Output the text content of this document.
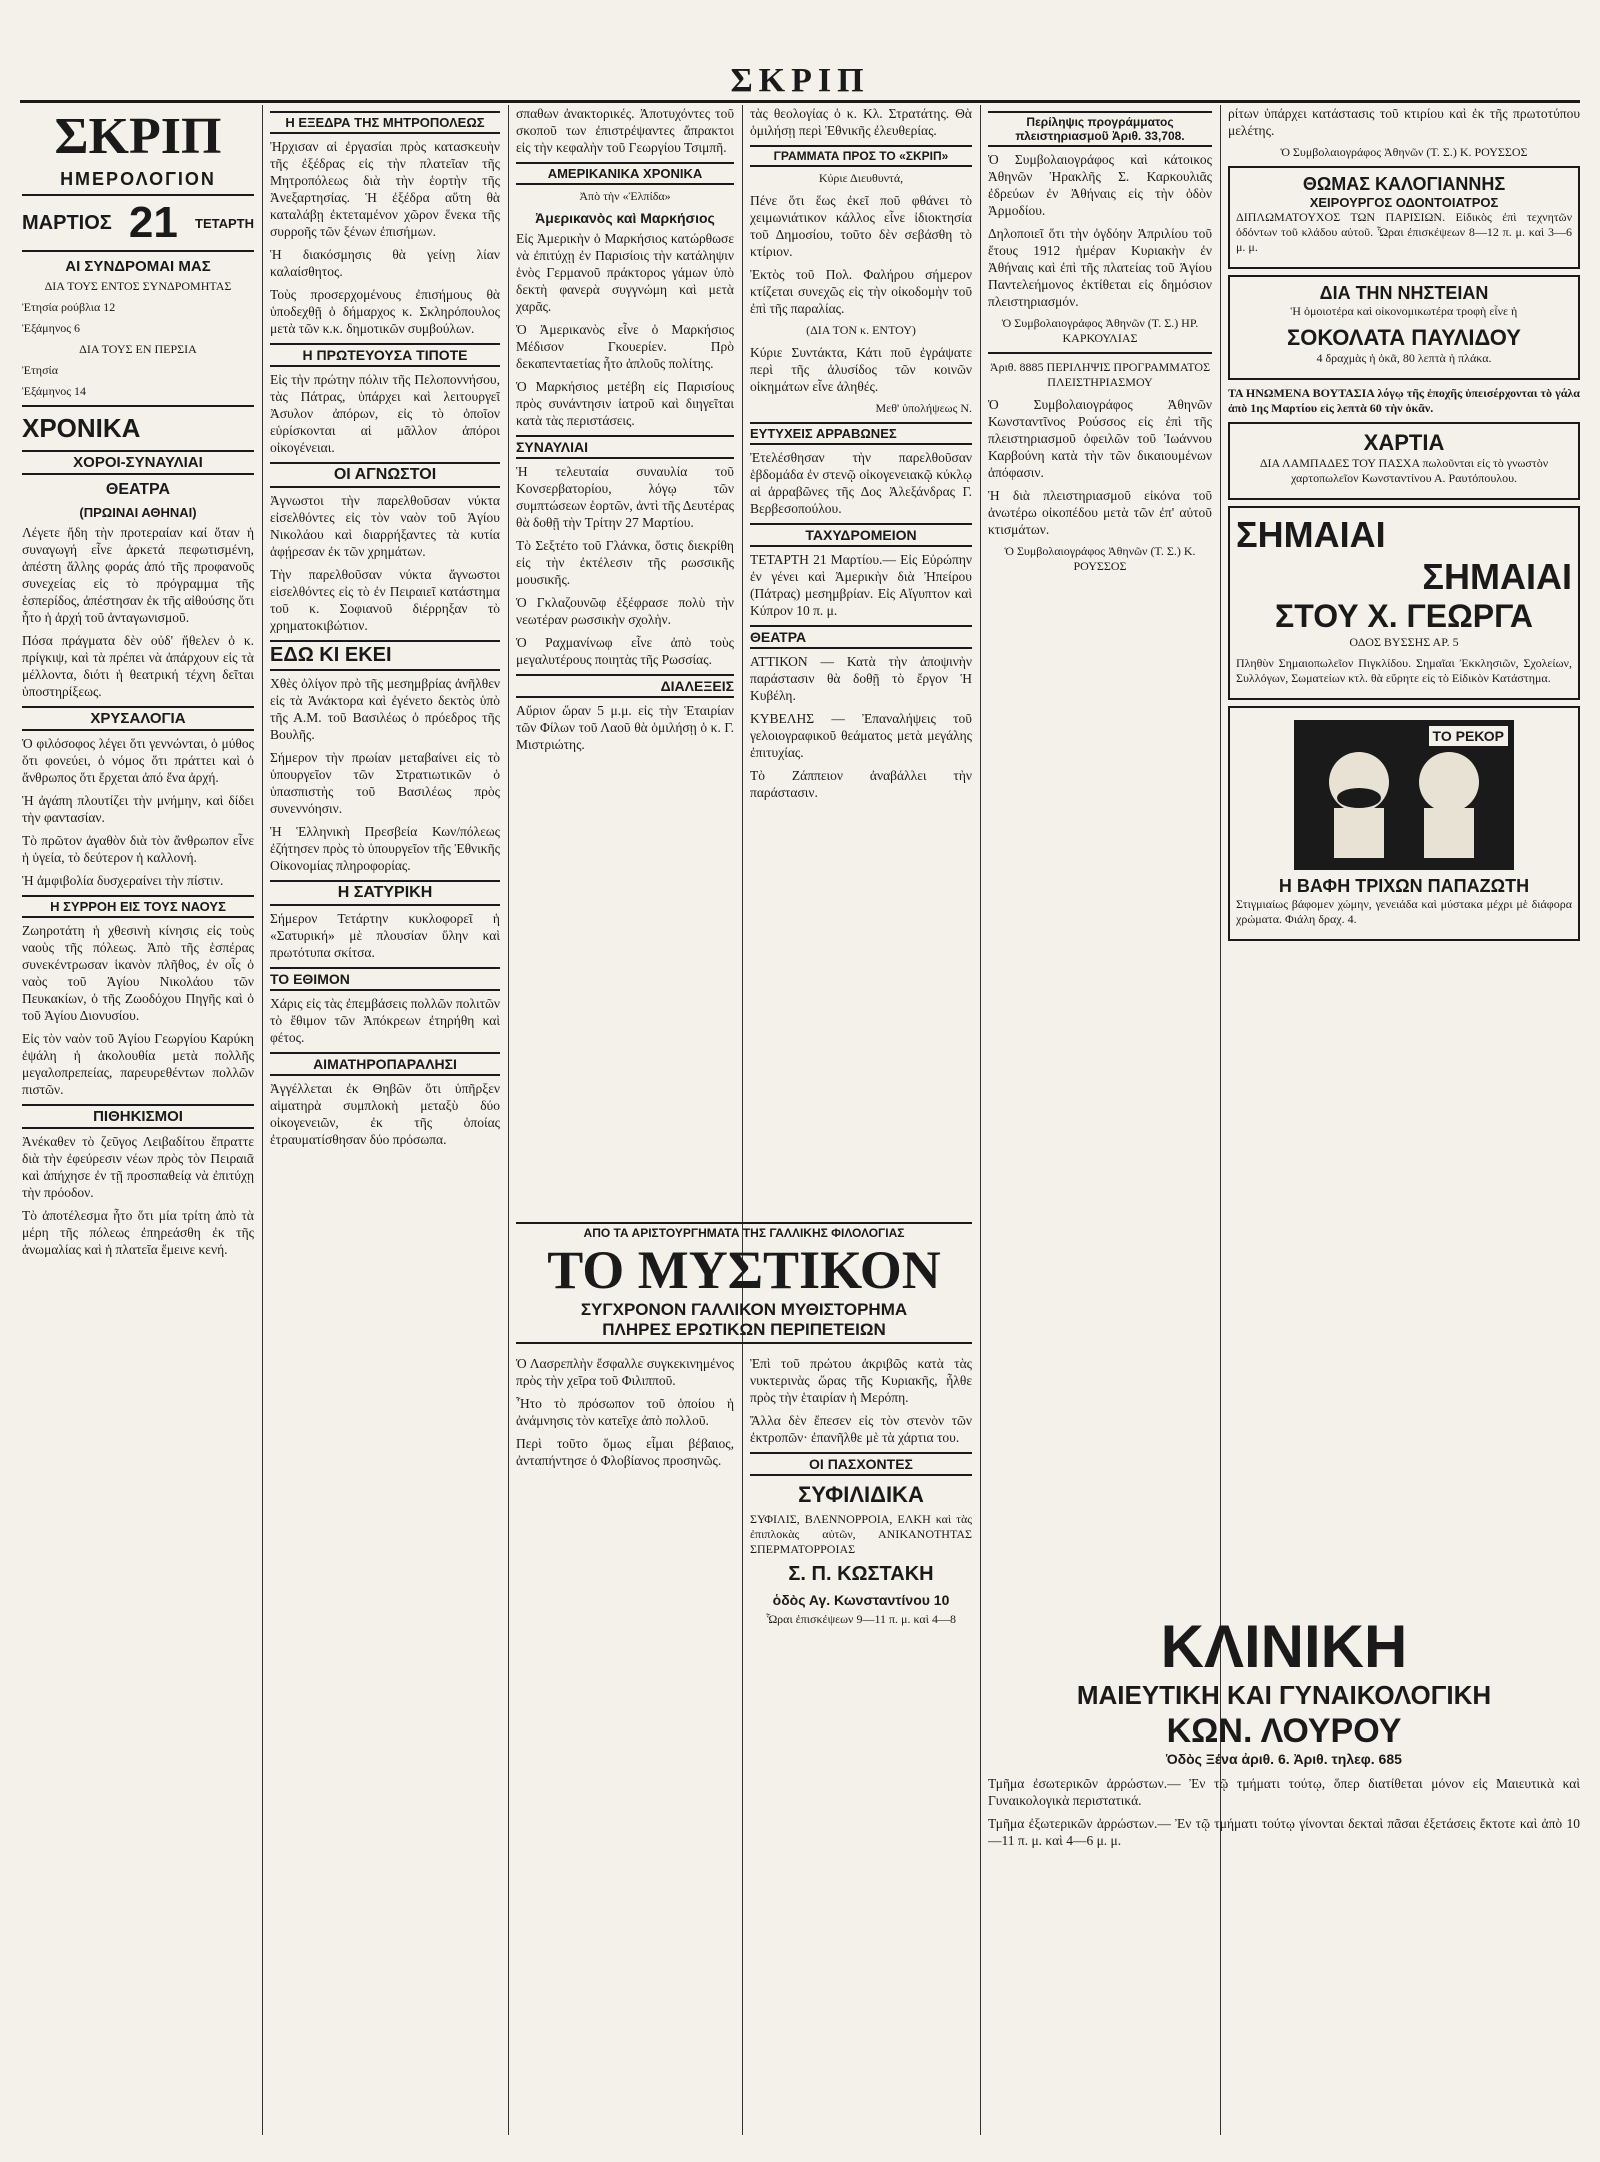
ΣΚΡΙΠ
ΣΚΡΙΠ
ΗΜΕΡΟΛΟΓΙΟΝ
ΜΑΡΤΙΟΣ 21 ΤΕΤΑΡΤΗ
ΑΙ ΣΥΝΔΡΟΜΑΙ ΜΑΣ
ΔΙΑ ΤΟΥΣ ΕΝΤΟΣ ΣΥΝΔΡΟΜΗΤΑΣ
Ἐτησία ρούβλια 12
Ἑξάμηνος 6
ΔΙΑ ΤΟΥΣ ΕΝ ΠΕΡΣΙΑ
Ἐτησία
Ἑξάμηνος 14
ΧΡΟΝΙΚΑ
ΧΟΡΟΙ-ΣΥΝΑΥΛΙΑΙ
ΘΕΑΤΡΑ
(ΠΡΩΙΝΑΙ ΑΘΗΝΑΙ)

Λέγετε ἤδη τὴν προτεραίαν καί ὅταν ἡ συναγωγή εἶνε ἀρκετά πεφωτισμένη, ἀπέστη ἄλλης φοράς ἀπό τῆς προφανοῦς συνεχείας εἰς τὸ πρόγραμμα τῆς ἑσπερίδος, ἀπέστησαν ἐκ τῆς αἰθούσης ὅτι ἦτο ἡ ἀρχή τοῦ ἀνταγωνισμοῦ.

Πόσα πράγματα δὲν οὐδ' ἤθελεν ὁ κ. πρίγκιψ, καὶ τὰ πρέπει νὰ ἀπάρχουν εἰς τὰ μέλλοντα, διότι ἡ θεατρική τέχνη δεῖται ὑποστηρίξεως.

ΧΡΥΣΑΛΟΓΙΑ

Ὁ φιλόσοφος λέγει ὅτι γεννώνται, ὁ μύθος ὅτι φονεύει, ὁ νόμος ὅτι πράττει καὶ ὁ ἄνθρωπος ὅτι ἔρχεται ἀπό ἕνα ἀρχή.

Ἡ ἀγάπη πλουτίζει τὴν μνήμην, καὶ δίδει τὴν φαντασίαν.

Τὸ πρῶτον ἀγαθὸν διὰ τὸν ἄνθρωπον εἶνε ἡ ὑγεία, τὸ δεύτερον ἡ καλλονή.

Ἡ ἀμφιβολία δυσχεραίνει τὴν πίστιν.

Η ΣΥΡΡΟΗ ΕΙΣ ΤΟΥΣ ΝΑΟΥΣ

Ζωηροτάτη ἡ χθεσινὴ κίνησις εἰς τοὺς ναοὺς τῆς πόλεως. Ἀπὸ τῆς ἑσπέρας συνεκέντρωσαν ἱκανὸν πλῆθος, ἐν οἷς ὁ ναὸς τοῦ Ἁγίου Νικολάου τῶν Πευκακίων, ὁ τῆς Ζωοδόχου Πηγῆς καὶ ὁ τοῦ Ἁγίου Διονυσίου.

Εἰς τὸν ναὸν τοῦ Ἁγίου Γεωργίου Καρύκη ἐψάλη ἡ ἀκολουθία μετὰ πολλῆς μεγαλοπρεπείας, παρευρεθέντων πολλῶν πιστῶν.

ΠΙΘΗΚΙΣΜΟΙ

Ἀνέκαθεν τὸ ζεῦγος Λειβαδίτου ἔπραττε διὰ τὴν ἐφεύρεσιν νέων πρὸς τὸν Πειραιᾶ καὶ ἀπήχησε ἐν τῇ προσπαθείᾳ νὰ ἐπιτύχῃ τὴν πρόοδον.

Τὸ ἀποτέλεσμα ἦτο ὅτι μία τρίτη ἀπὸ τὰ μέρη τῆς πόλεως ἐπηρεάσθη ἐκ τῆς ἀνωμαλίας καὶ ἡ πλατεῖα ἔμεινε κενή.

Η ΕΞΕΔΡΑ ΤΗΣ ΜΗΤΡΟΠΟΛΕΩΣ

Ἠρχισαν αἱ ἐργασίαι πρὸς κατασκευὴν τῆς ἐξέδρας εἰς τὴν πλατεῖαν τῆς Μητροπόλεως διὰ τὴν ἑορτὴν τῆς Ἀνεξαρτησίας. Ἡ ἐξέδρα αὕτη θὰ καταλάβῃ ἐκτεταμένον χῶρον ἕνεκα τῆς συρροῆς τῶν ξένων ἐπισήμων.

Ἡ διακόσμησις θὰ γείνῃ λίαν καλαίσθητος.

Τοὺς προσερχομένους ἐπισήμους θὰ ὑποδεχθῇ ὁ δήμαρχος κ. Σκληρόπουλος μετὰ τῶν κ.κ. δημοτικῶν συμβούλων.

Η ΠΡΩΤΕΥΟΥΣΑ ΤΙΠΟΤΕ

Εἰς τὴν πρώτην πόλιν τῆς Πελοποννήσου, τὰς Πάτρας, ὑπάρχει καὶ λειτουργεῖ Ἀσυλον ἀπόρων, εἰς τὸ ὁποῖον εὑρίσκονται αἱ μᾶλλον ἀπόροι οἰκογένειαι.

ΟΙ ΑΓΝΩΣΤΟΙ

Ἀγνωστοι τὴν παρελθοῦσαν νύκτα εἰσελθόντες εἰς τὸν ναὸν τοῦ Ἁγίου Νικολάου καὶ διαρρήξαντες τὰ κυτία ἀφῄρεσαν ἐκ τῶν χρημάτων.

Τὴν παρελθοῦσαν νύκτα ἄγνωστοι εἰσελθόντες εἰς τὸ ἐν Πειραιεῖ κατάστημα τοῦ κ. Σοφιανοῦ διέρρηξαν τὸ χρηματοκιβώτιον.

ΕΔΩ ΚΙ ΕΚΕΙ

Χθὲς ὀλίγον πρὸ τῆς μεσημβρίας ἀνῆλθεν εἰς τὰ Ἀνάκτορα καὶ ἐγένετο δεκτὸς ὑπὸ τῆς Α.Μ. τοῦ Βασιλέως ὁ πρόεδρος τῆς Βουλῆς.

Σήμερον τὴν πρωίαν μεταβαίνει εἰς τὸ ὑπουργεῖον τῶν Στρατιωτικῶν ὁ ὑπασπιστὴς τοῦ Βασιλέως πρὸς συνεννόησιν.

Ἡ Ἑλληνικὴ Πρεσβεία Κων/πόλεως ἐζήτησεν πρὸς τὸ ὑπουργεῖον τῆς Ἐθνικῆς Οἰκονομίας πληροφορίας.

Η ΣΑΤΥΡΙΚΗ

Σήμερον Τετάρτην κυκλοφορεῖ ἡ «Σατυρική» μὲ πλουσίαν ὕλην καὶ πρωτότυπα σκίτσα.

ΤΟ ΕΘΙΜΟΝ

Χάρις εἰς τὰς ἐπεμβάσεις πολλῶν πολιτῶν τὸ ἔθιμον τῶν Ἀπόκρεων ἐτηρήθη καὶ φέτος.

ΑΙΜΑΤΗΡΟΠΑΡΑΛΗΣΙ

Ἀγγέλλεται ἐκ Θηβῶν ὅτι ὑπῆρξεν αἱματηρὰ συμπλοκὴ μεταξὺ δύο οἰκογενειῶν, ἐκ τῆς ὁποίας ἐτραυματίσθησαν δύο πρόσωπα.

σπαθων ἀνακτορικές. Ἀποτυχόντες τοῦ σκοποῦ των ἐπιστρέψαντες ἄπρακτοι εἰς τὴν κεφαλὴν τοῦ Γεωργίου Τσιμπῆ.

ΑΜΕΡΙΚΑΝΙΚΑ ΧΡΟΝΙΚΑ
Ἀπὸ τὴν «Ἐλπίδα»
Ἀμερικανὸς καὶ Μαρκήσιος

Εἰς Ἀμερικὴν ὁ Μαρκήσιος κατώρθωσε νὰ ἐπιτύχῃ ἐν Παρισίοις τὴν κατάληψιν ἑνὸς Γερμανοῦ πράκτορος γάμων ὑπὸ δεκτὴ φανερὰ συγγνώμη καὶ μετὰ χαρᾶς.

Ὁ Ἀμερικανὸς εἶνε ὁ Μαρκήσιος Μέδισον Γκουερίεν. Πρὸ δεκαπενταετίας ἦτο ἁπλοῦς πολίτης.

Ὁ Μαρκήσιος μετέβη εἰς Παρισίους πρὸς συνάντησιν ἰατροῦ καὶ διηγεῖται κατὰ τὰς περιστάσεις.

ΣΥΝΑΥΛΙΑΙ

Ἡ τελευταία συναυλία τοῦ Κονσερβατορίου, λόγῳ τῶν συμπτώσεων ἑορτῶν, ἀντὶ τῆς Δευτέρας θὰ δοθῇ τὴν Τρίτην 27 Μαρτίου.

Τὸ Σεξτέτο τοῦ Γλάνκα, ὅστις διεκρίθη εἰς τὴν ἐκτέλεσιν τῆς ρωσσικῆς μουσικῆς.

Ὁ Γκλαζουνῶφ ἐξέφρασε πολὺ τὴν νεωτέραν ρωσσικὴν σχολὴν.

Ὁ Ραχμανίνωφ εἶνε ἀπὸ τοὺς μεγαλυτέρους ποιητὰς τῆς Ρωσσίας.

ΔΙΑΛΕΞΕΙΣ

Αὔριον ὥραν 5 μ.μ. εἰς τὴν Ἑταιρίαν τῶν Φίλων τοῦ Λαοῦ θὰ ὁμιλήσῃ ὁ κ. Γ. Μιστριώτης.

τὰς θεολογίας ὁ κ. Κλ. Στρατάτης. Θὰ ὁμιλήσῃ περὶ Ἐθνικῆς ἐλευθερίας.

ΓΡΑΜΜΑΤΑ ΠΡΟΣ ΤΟ «ΣΚΡΙΠ»
Κύριε Διευθυντά,

Πένε ὅτι ἕως ἐκεῖ ποῦ φθάνει τὸ χειμωνιάτικον κάλλος εἶνε ἰδιοκτησία τοῦ Δημοσίου, τοῦτο δὲν σεβάσθη τὸ κτίριον.

Ἐκτὸς τοῦ Πολ. Φαλήρου σήμερον κτίζεται συνεχῶς εἰς τὴν οἰκοδομὴν τοῦ ἐπὶ τῆς παραλίας.

(ΔΙΑ ΤΟΝ κ. ΕΝΤΟΥ)

Κύριε Συντάκτα, Κάτι ποῦ ἐγράψατε περὶ τῆς ἀλυσίδος τῶν κοινῶν οἰκημάτων εἶνε ἀληθές.

Μεθ' ὑπολήψεως Ν.
ΕΥΤΥΧΕΙΣ ΑΡΡΑΒΩΝΕΣ

Ἐτελέσθησαν τὴν παρελθοῦσαν ἑβδομάδα ἐν στενῷ οἰκογενειακῷ κύκλῳ αἱ ἀρραβῶνες τῆς Δος Ἀλεξάνδρας Γ. Βερβεσοπούλου.

ΤΑΧΥΔΡΟΜΕΙΟΝ

ΤΕΤΑΡΤΗ 21 Μαρτίου.— Εἰς Εὐρώπην ἐν γένει καὶ Ἀμερικὴν διὰ Ἠπείρου (Πάτρας) μεσημβρίαν. Εἰς Αἴγυπτον καὶ Κύπρον 10 π. μ.

ΘΕΑΤΡΑ

ΑΤΤΙΚΟΝ — Κατὰ τὴν ἀποψινὴν παράστασιν θὰ δοθῇ τὸ ἔργον Ἡ Κυβέλη.

ΚΥΒΕΛΗΣ — Ἐπαναλήψεις τοῦ γελοιογραφικοῦ θεάματος μετὰ μεγάλης ἐπιτυχίας.

Τὸ Ζάππειον ἀναβάλλει τὴν παράστασιν.

ΑΠΟ ΤΑ ΑΡΙΣΤΟΥΡΓΗΜΑΤΑ ΤΗΣ ΓΑΛΛΙΚΗΣ ΦΙΛΟΛΟΓΙΑΣ
ΤΟ ΜΥΣΤΙΚΟΝ
ΣΥΓΧΡΟΝΟΝ ΓΑΛΛΙΚΟΝ ΜΥΘΙΣΤΟΡΗΜΑ
ΠΛΗΡΕΣ ΕΡΩΤΙΚΩΝ ΠΕΡΙΠΕΤΕΙΩΝ

Ὁ Λασρεπλὴν ἔσφαλλε συγκεκινημένος πρὸς τὴν χεῖρα τοῦ Φιλιπποῦ.

Ἦτο τὸ πρόσωπον τοῦ ὁποίου ἡ ἀνάμνησις τὸν κατεῖχε ἀπὸ πολλοῦ.

Περὶ τοῦτο ὅμως εἶμαι βέβαιος, ἀνταπήντησε ὁ Φλοβίανος προσηνῶς.

Ἐπὶ τοῦ πρώτου ἀκριβῶς κατὰ τὰς νυκτερινὰς ὥρας τῆς Κυριακῆς, ἦλθε πρὸς τὴν ἑταιρίαν ἡ Μερόπη.

Ἄλλα δὲν ἔπεσεν εἰς τὸν στενὸν τῶν ἐκτροπῶν· ἐπανῆλθε μὲ τὰ χάρτια του.

ΟΙ ΠΑΣΧΟΝΤΕΣ
ΣΥΦΙΛΙΔΙΚΑ

ΣΥΦΙΛΙΣ, ΒΛΕΝΝΟΡΡΟΙΑ, ΕΛΚΗ καὶ τὰς ἐπιπλοκὰς αὐτῶν, ΑΝΙΚΑΝΟΤΗΤΑΣ ΣΠΕΡΜΑΤΟΡΡΟΙΑΣ

Σ. Π. ΚΩΣΤΑΚΗ
ὁδὸς Αγ. Κωνσταντίνου 10
Ὧραι ἐπισκέψεων 9—11 π. μ. καὶ 4—8
Περίληψις προγράμματος πλειστηριασμοῦ Ἀριθ. 33,708.

Ὁ Συμβολαιογράφος καὶ κάτοικος Ἀθηνῶν Ἡρακλῆς Σ. Καρκουλιᾶς ἐδρεύων ἐν Ἀθήναις εἰς τὴν ὁδὸν Ἀρμοδίου.

Δηλοποιεῖ ὅτι τὴν ὀγδόην Ἀπριλίου τοῦ ἔτους 1912 ἡμέραν Κυριακὴν ἐν Ἀθήναις καὶ ἐπὶ τῆς πλατείας τοῦ Ἁγίου Παντελεήμονος ἐκτίθεται εἰς δημόσιον πλειστηριασμόν.

Ὁ Συμβολαιογράφος Ἀθηνῶν (Τ. Σ.) ΗΡ. ΚΑΡΚΟΥΛΙΑΣ

Ἀριθ. 8885 ΠΕΡΙΛΗΨΙΣ ΠΡΟΓΡΑΜΜΑΤΟΣ ΠΛΕΙΣΤΗΡΙΑΣΜΟΥ

Ὁ Συμβολαιογράφος Ἀθηνῶν Κωνσταντῖνος Ρούσσος εἰς ἐπὶ τῆς πλειστηριασμοῦ ὀφειλῶν τοῦ Ἰωάννου Καρβούνη κατὰ τὴν τῶν δικαιουμένων ἀπόφασιν.

Ἡ διὰ πλειστηριασμοῦ εἰκόνα τοῦ ἀνωτέρω οἰκοπέδου μετὰ τῶν ἐπ' αὐτοῦ κτισμάτων.

Ὁ Συμβολαιογράφος Ἀθηνῶν (Τ. Σ.) Κ. ΡΟΥΣΣΟΣ

ρίτων ὑπάρχει κατάστασις τοῦ κτιρίου καὶ ἐκ τῆς πρωτοτύπου μελέτης.

Ὁ Συμβολαιογράφος Ἀθηνῶν (Τ. Σ.) Κ. ΡΟΥΣΣΟΣ

ΘΩΜΑΣ ΚΑΛΟΓΙΑΝΝΗΣ
ΧΕΙΡΟΥΡΓΟΣ ΟΔΟΝΤΟΙΑΤΡΟΣ
ΔΙΠΛΩΜΑΤΟΥΧΟΣ ΤΩΝ ΠΑΡΙΣΙΩΝ. Εἰδικὸς ἐπὶ τεχνητῶν ὀδόντων τοῦ κλάδου αὐτοῦ. Ὧραι ἐπισκέψεων 8—12 π. μ. καὶ 3—6 μ. μ.
ΔΙΑ ΤΗΝ ΝΗΣΤΕΙΑΝ
Ἡ ὁμοιοτέρα καὶ οἰκονομικωτέρα τροφὴ εἶνε ἡ
ΣΟΚΟΛΑΤΑ ΠΑΥΛΙΔΟΥ
4 δραχμὰς ἡ ὀκᾶ, 80 λεπτὰ ἡ πλάκα.
ΤΑ ΗΝΩΜΕΝΑ ΒΟΥΤΑΣΙΑ λόγῳ τῆς ἐποχῆς ὑπεισέρχονται τὸ γάλα ἀπὸ 1ης Μαρτίου εἰς λεπτὰ 60 τὴν ὀκᾶν.
ΧΑΡΤΙΑ
ΔΙΑ ΛΑΜΠΑΔΕΣ ΤΟΥ ΠΑΣΧΑ πωλοῦνται εἰς τὸ γνωστὸν χαρτοπωλεῖον Κωνσταντίνου Α. Ραυτόπουλου.
ΣΗΜΑΙΑΙ
ΣΗΜΑΙΑΙ
ΣΤΟΥ Χ. ΓΕΩΡΓΑ
ΟΔΟΣ ΒΥΣΣΗΣ ΑΡ. 5
Πληθὺν Σημαιοπωλεῖον Πιγκλίδου. Σημαῖαι Ἐκκλησιῶν, Σχολείων, Συλλόγων, Σωματείων κτλ. θὰ εὕρητε εἰς τὸ Εἰδικὸν Κατάστημα.
ΤΟ ΡΕΚΟΡ
Η ΒΑΦΗ ΤΡΙΧΩΝ ΠΑΠΑΖΩΤΗ
Στιγμιαίως βάφομεν χώμην, γενειάδα καὶ μύστακα μέχρι μὲ διάφορα χρώματα. Φιάλη δραχ. 4.
ΚΛΙΝΙΚΗ
ΜΑΙΕΥΤΙΚΗ ΚΑΙ ΓΥΝΑΙΚΟΛΟΓΙΚΗ
ΚΩΝ. ΛΟΥΡΟΥ
Ὁδὸς Ξένα ἀριθ. 6. Ἀριθ. τηλεφ. 685

Τμῆμα ἐσωτερικῶν ἀρρώστων.— Ἐν τῷ τμήματι τούτῳ, ὅπερ διατίθεται μόνον εἰς Μαιευτικὰ καὶ Γυναικολογικὰ περιστατικά.

Τμῆμα ἐξωτερικῶν ἀρρώστων.— Ἐν τῷ τμήματι τούτῳ γίνονται δεκταὶ πᾶσαι ἐξετάσεις ἔκτοτε καὶ ἀπὸ 10—11 π. μ. καὶ 4—6 μ. μ.
